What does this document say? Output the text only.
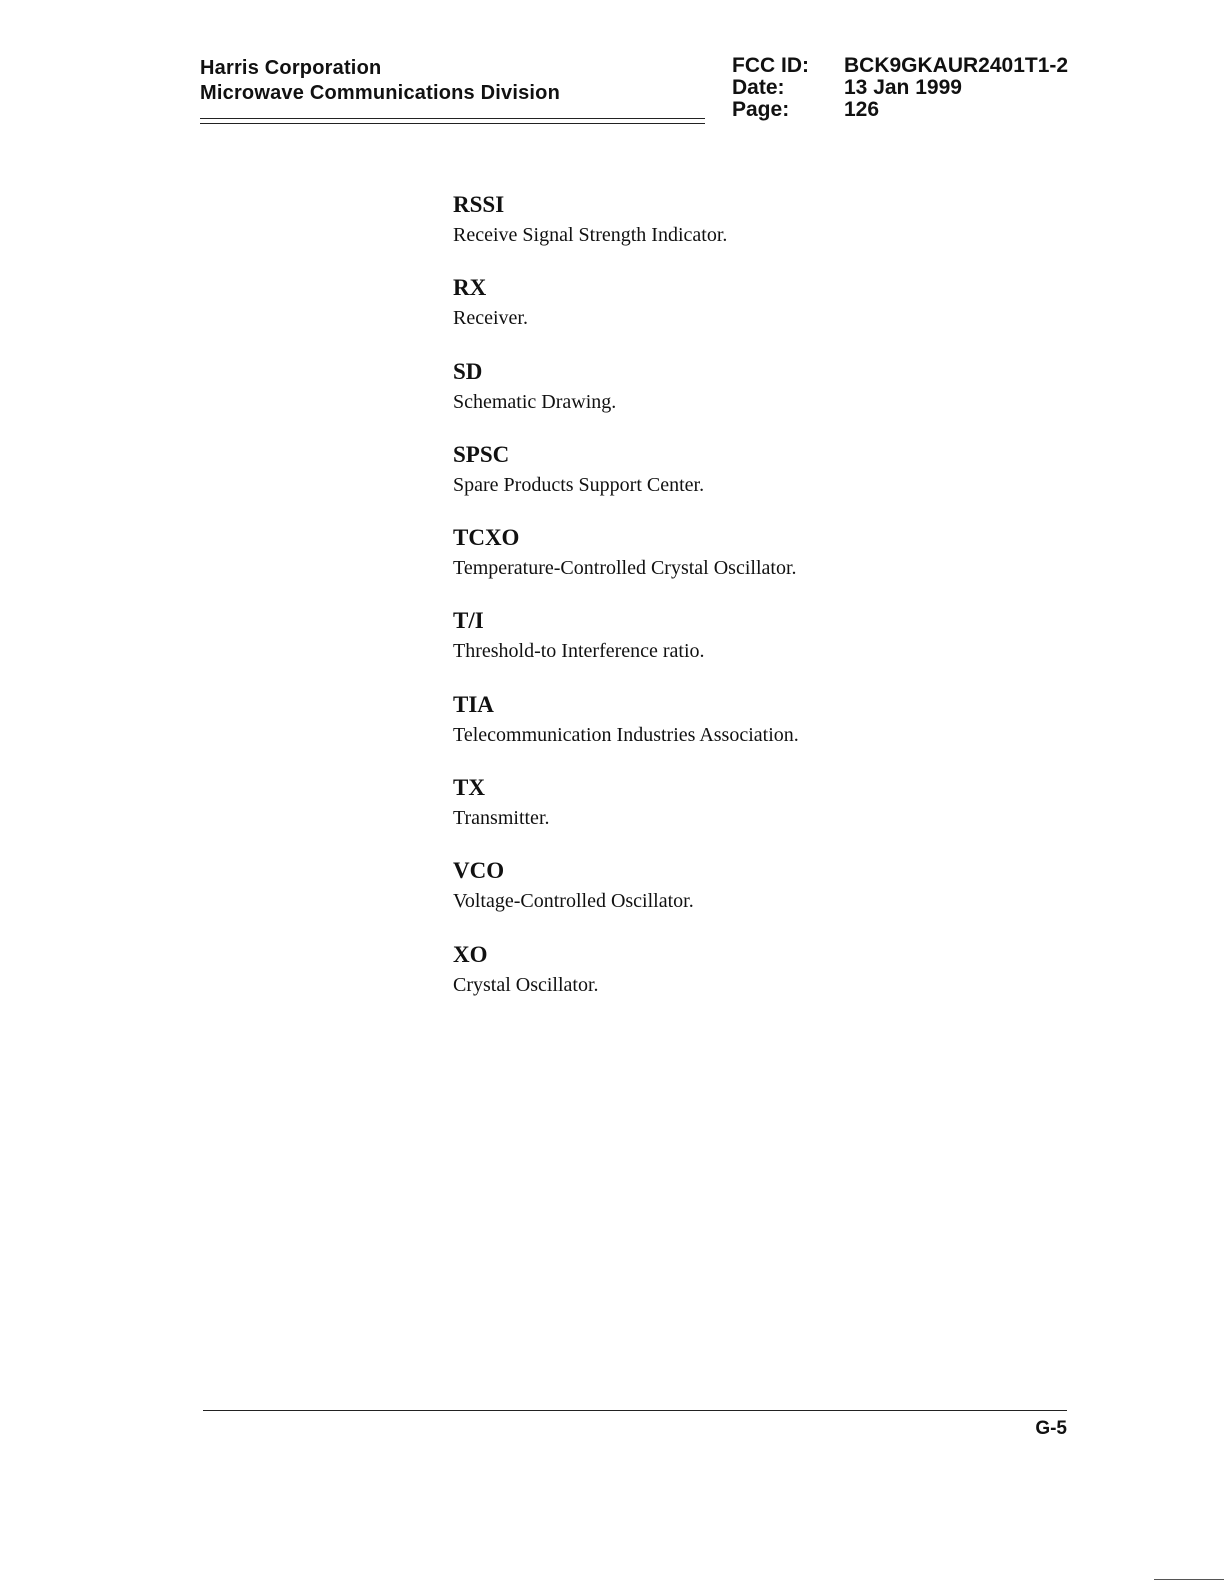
Harris Corporation
Microwave Communications Division
FCC ID:	BCK9GKAUR2401T1-2
Date:	13 Jan 1999
Page:	126
RSSI
Receive Signal Strength Indicator.
RX
Receiver.
SD
Schematic Drawing.
SPSC
Spare Products Support Center.
TCXO
Temperature-Controlled Crystal Oscillator.
T/I
Threshold-to Interference ratio.
TIA
Telecommunication Industries Association.
TX
Transmitter.
VCO
Voltage-Controlled Oscillator.
XO
Crystal Oscillator.
G-5
